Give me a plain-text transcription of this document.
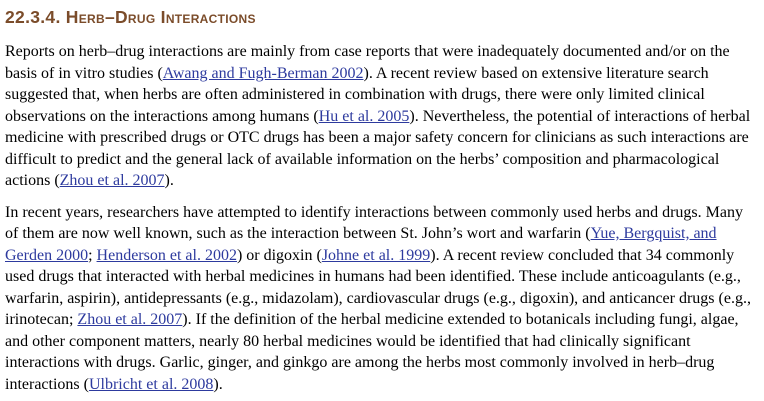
22.3.4. Herb–Drug Interactions

Reports on herb–drug interactions are mainly from case reports that were inadequately documented and/or on the basis of in vitro studies (Awang and Fugh-Berman 2002). A recent review based on extensive literature search suggested that, when herbs are often administered in combination with drugs, there were only limited clinical observations on the interactions among humans (Hu et al. 2005). Nevertheless, the potential of interactions of herbal medicine with prescribed drugs or OTC drugs has been a major safety concern for clinicians as such interactions are difficult to predict and the general lack of available information on the herbs’ composition and pharmacological actions (Zhou et al. 2007).

In recent years, researchers have attempted to identify interactions between commonly used herbs and drugs. Many of them are now well known, such as the interaction between St. John’s wort and warfarin (Yue, Bergquist, and Gerden 2000; Henderson et al. 2002) or digoxin (Johne et al. 1999). A recent review concluded that 34 commonly used drugs that interacted with herbal medicines in humans had been identified. These include anticoagulants (e.g., warfarin, aspirin), antidepressants (e.g., midazolam), cardiovascular drugs (e.g., digoxin), and anticancer drugs (e.g., irinotecan; Zhou et al. 2007). If the definition of the herbal medicine extended to botanicals including fungi, algae, and other component matters, nearly 80 herbal medicines would be identified that had clinically significant interactions with drugs. Garlic, ginger, and ginkgo are among the herbs most commonly involved in herb–drug interactions (Ulbricht et al. 2008).
